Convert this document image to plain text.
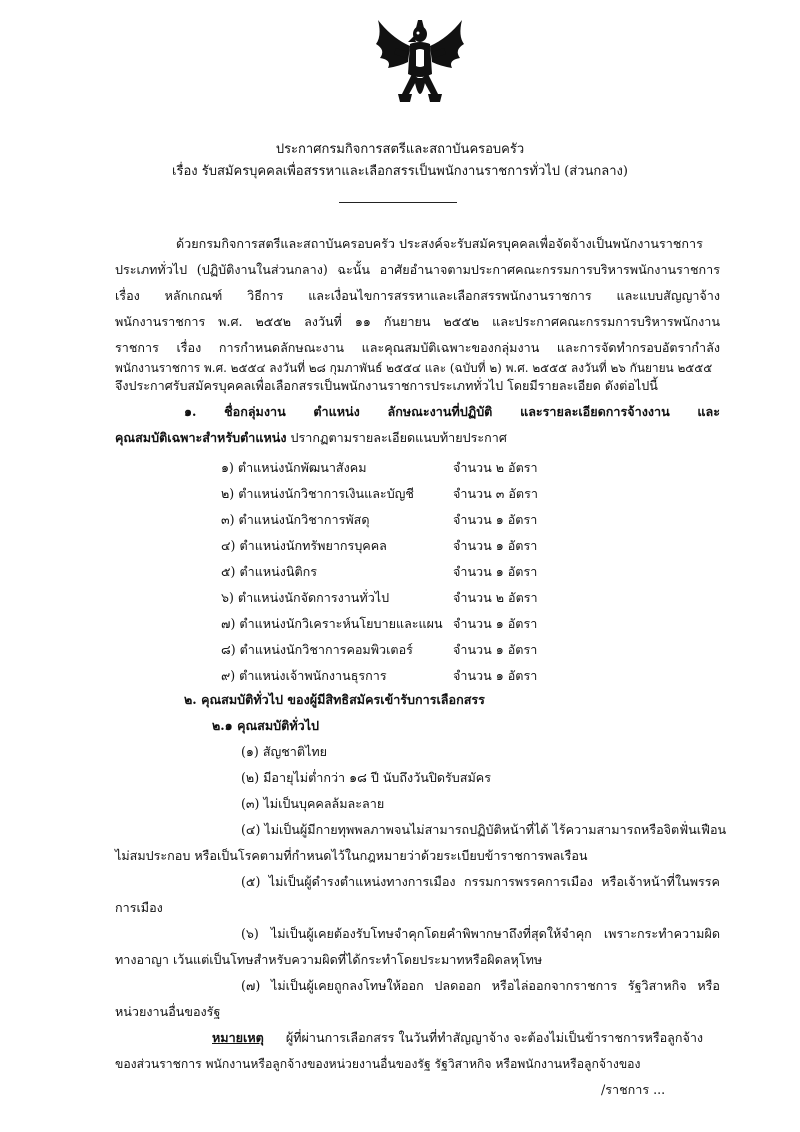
ประกาศกรมกิจการสตรีและสถาบันครอบครัว
เรื่อง รับสมัครบุคคลเพื่อสรรหาและเลือกสรรเป็นพนักงานราชการทั่วไป (ส่วนกลาง)
ด้วยกรมกิจการสตรีและสถาบันครอบครัว ประสงค์จะรับสมัครบุคคลเพื่อจัดจ้างเป็นพนักงานราชการ
ประเภททั่วไป (ปฏิบัติงานในส่วนกลาง) ฉะนั้น อาศัยอำนาจตามประกาศคณะกรรมการบริหารพนักงานราชการ
เรื่อง หลักเกณฑ์ วิธีการ และเงื่อนไขการสรรหาและเลือกสรรพนักงานราชการ และแบบสัญญาจ้าง
พนักงานราชการ พ.ศ. ๒๕๕๒ ลงวันที่ ๑๑ กันยายน ๒๕๕๒ และประกาศคณะกรรมการบริหารพนักงาน
ราชการ เรื่อง การกำหนดลักษณะงาน และคุณสมบัติเฉพาะของกลุ่มงาน และการจัดทำกรอบอัตรากำลัง
พนักงานราชการ พ.ศ. ๒๕๕๔ ลงวันที่ ๒๘ กุมภาพันธ์ ๒๕๕๔ และ (ฉบับที่ ๒) พ.ศ. ๒๕๕๕ ลงวันที่ ๒๖ กันยายน ๒๕๕๕
จึงประกาศรับสมัครบุคคลเพื่อเลือกสรรเป็นพนักงานราชการประเภททั่วไป โดยมีรายละเอียด ดังต่อไปนี้
๑. ชื่อกลุ่มงาน ตำแหน่ง ลักษณะงานที่ปฏิบัติ และรายละเอียดการจ้างงาน และ
คุณสมบัติเฉพาะสำหรับตำแหน่ง ปรากฏตามรายละเอียดแนบท้ายประกาศ
๑) ตำแหน่งนักพัฒนาสังคม	จำนวน ๒ อัตรา
๒) ตำแหน่งนักวิชาการเงินและบัญชี	จำนวน ๓ อัตรา
๓) ตำแหน่งนักวิชาการพัสดุ	จำนวน ๑ อัตรา
๔) ตำแหน่งนักทรัพยากรบุคคล	จำนวน ๑ อัตรา
๕) ตำแหน่งนิติกร	จำนวน ๑ อัตรา
๖) ตำแหน่งนักจัดการงานทั่วไป	จำนวน ๒ อัตรา
๗) ตำแหน่งนักวิเคราะห์นโยบายและแผน จำนวน ๑ อัตรา
๘) ตำแหน่งนักวิชาการคอมพิวเตอร์	จำนวน ๑ อัตรา
๙) ตำแหน่งเจ้าพนักงานธุรการ	จำนวน ๑ อัตรา
๒. คุณสมบัติทั่วไป ของผู้มีสิทธิสมัครเข้ารับการเลือกสรร
๒.๑ คุณสมบัติทั่วไป
(๑) สัญชาติไทย
(๒) มีอายุไม่ต่ำกว่า ๑๘ ปี นับถึงวันปิดรับสมัคร
(๓) ไม่เป็นบุคคลล้มละลาย
(๔) ไม่เป็นผู้มีกายทุพพลภาพจนไม่สามารถปฏิบัติหน้าที่ได้ ไร้ความสามารถหรือจิตฟั่นเฟือน
ไม่สมประกอบ หรือเป็นโรคตามที่กำหนดไว้ในกฎหมายว่าด้วยระเบียบข้าราชการพลเรือน
(๕) ไม่เป็นผู้ดำรงตำแหน่งทางการเมือง กรรมการพรรคการเมือง หรือเจ้าหน้าที่ในพรรค
การเมือง
(๖) ไม่เป็นผู้เคยต้องรับโทษจำคุกโดยคำพิพากษาถึงที่สุดให้จำคุก เพราะกระทำความผิด
ทางอาญา เว้นแต่เป็นโทษสำหรับความผิดที่ได้กระทำโดยประมาทหรือผิดลหุโทษ
(๗) ไม่เป็นผู้เคยถูกลงโทษให้ออก ปลดออก หรือไล่ออกจากราชการ รัฐวิสาหกิจ หรือ
หน่วยงานอื่นของรัฐ
หมายเหตุ ผู้ที่ผ่านการเลือกสรร ในวันที่ทำสัญญาจ้าง จะต้องไม่เป็นข้าราชการหรือลูกจ้าง
ของส่วนราชการ พนักงานหรือลูกจ้างของหน่วยงานอื่นของรัฐ รัฐวิสาหกิจ หรือพนักงานหรือลูกจ้างของ
/ราชการ ...
